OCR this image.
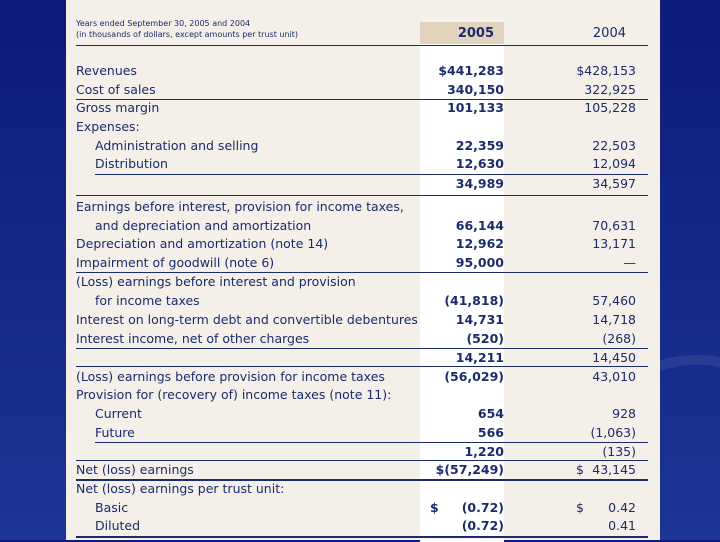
Years ended September 30, 2005 and 2004
(in thousands of dollars, except amounts per trust unit)	2005	2004
Revenues	$441,283	$428,153
Cost of sales	340,150	322,925
Gross margin	101,133	105,228
Expenses:
Administration and selling	22,359	22,503
Distribution	12,630	12,094
34,989	34,597
Earnings before interest, provision for income taxes,
and depreciation and amortization	66,144	70,631
Depreciation and amortization (note 14)	12,962	13,171
Impairment of goodwill (note 6)	95,000	—
(Loss) earnings before interest and provision
for income taxes	(41,818)	57,460
Interest on long-term debt and convertible debentures	14,731	14,718
Interest income, net of other charges	(520)	(268)
14,211	14,450
(Loss) earnings before provision for income taxes	(56,029)	43,010
Provision for (recovery of) income taxes (note 11):
Current	654	928
Future	566	(1,063)
1,220	(135)
Net (loss) earnings	$(57,249)	$ 43,145
Net (loss) earnings per trust unit:
Basic	$	(0.72)	$	0.42
Diluted	(0.72)	0.41
